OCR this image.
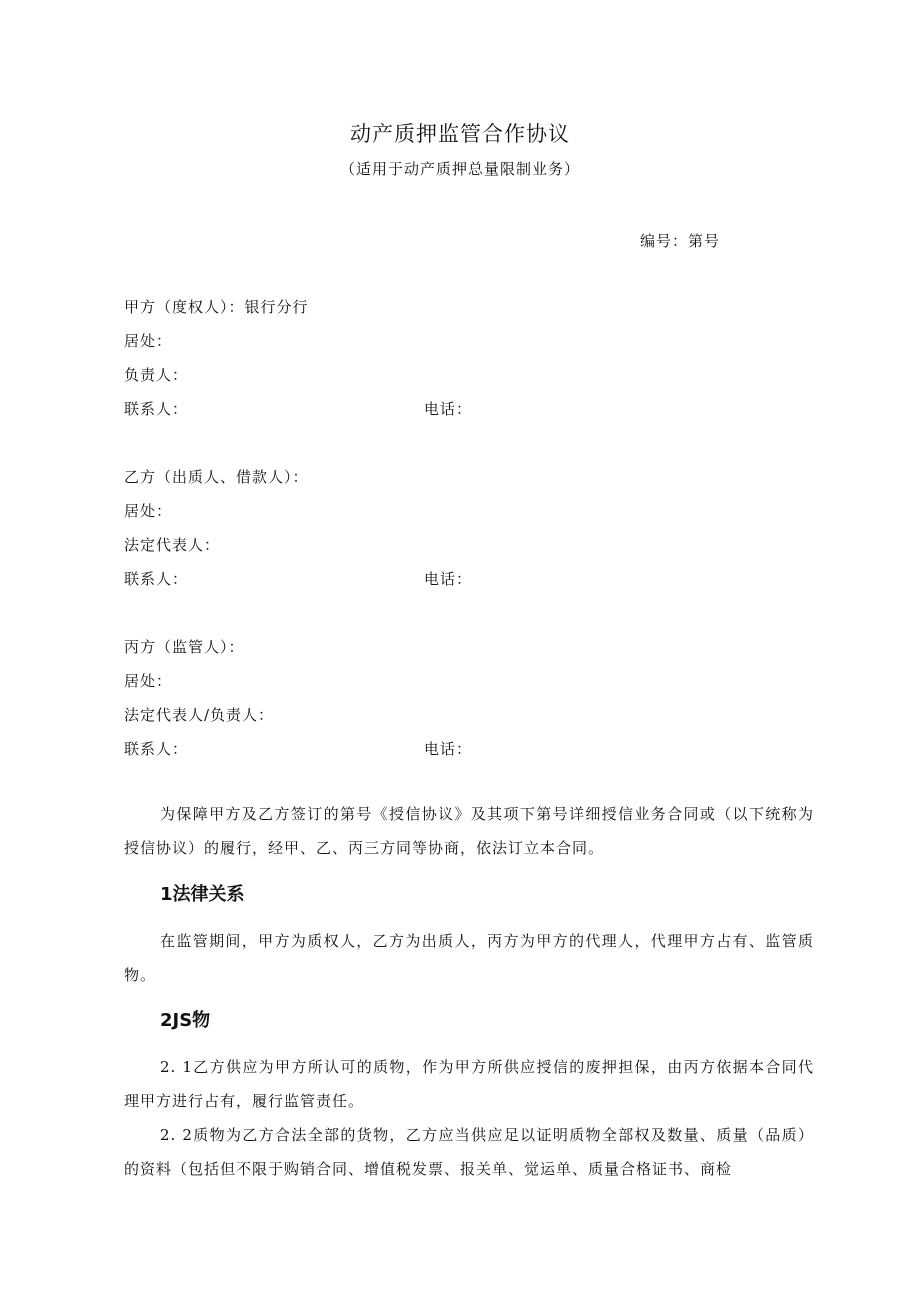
动产质押监管合作协议
（适用于动产质押总量限制业务）
编号：第号
甲方（度权人）：银行分行
居处：
负责人：
联系人：	电话：
乙方（出质人、借款人）：
居处：
法定代表人：
联系人：	电话：
丙方（监管人）：
居处：
法定代表人/负责人：
联系人：	电话：
为保障甲方及乙方签订的第号《授信协议》及其项下第号详细授信业务合同或（以下统称为授信协议）的履行，经甲、乙、丙三方同等协商，依法订立本合同。
1法律关系
在监管期间，甲方为质权人，乙方为出质人，丙方为甲方的代理人，代理甲方占有、监管质物。
2JS物
2. 1乙方供应为甲方所认可的质物，作为甲方所供应授信的废押担保，由丙方依据本合同代理甲方进行占有，履行监管责任。
2. 2质物为乙方合法全部的货物，乙方应当供应足以证明质物全部权及数量、质量（品质）的资料（包括但不限于购销合同、增值税发票、报关单、觉运单、质量合格证书、商检
